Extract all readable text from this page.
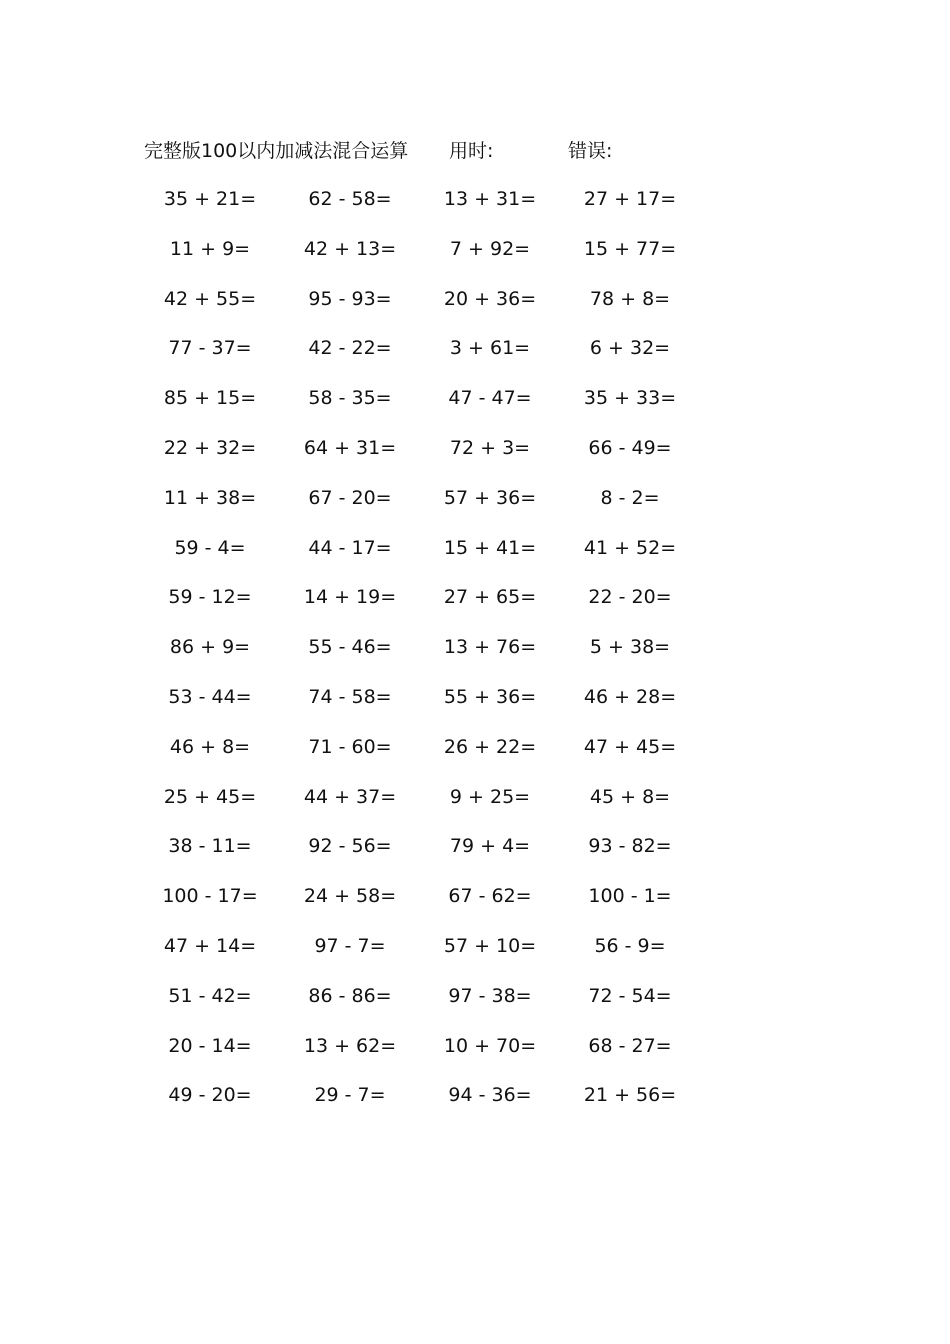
完整版100以内加减法混合运算 用时:	错误:
35 + 21=	62 - 58=	13 + 31=	27 + 17=
11 + 9=	42 + 13=	7 + 92=	15 + 77=
42 + 55=	95 - 93=	20 + 36=	78 + 8=
77 - 37=	42 - 22=	3 + 61=	6 + 32=
85 + 15=	58 - 35=	47 - 47=	35 + 33=
22 + 32=	64 + 31=	72 + 3=	66 - 49=
11 + 38=	67 - 20=	57 + 36=	8 - 2=
59 - 4=	44 - 17=	15 + 41=	41 + 52=
59 - 12=	14 + 19=	27 + 65=	22 - 20=
86 + 9=	55 - 46=	13 + 76=	5 + 38=
53 - 44=	74 - 58=	55 + 36=	46 + 28=
46 + 8=	71 - 60=	26 + 22=	47 + 45=
25 + 45=	44 + 37=	9 + 25=	45 + 8=
38 - 11=	92 - 56=	79 + 4=	93 - 82=
100 - 17=	24 + 58=	67 - 62=	100 - 1=
47 + 14=	97 - 7=	57 + 10=	56 - 9=
51 - 42=	86 - 86=	97 - 38=	72 - 54=
20 - 14=	13 + 62=	10 + 70=	68 - 27=
49 - 20=	29 - 7=	94 - 36=	21 + 56=
